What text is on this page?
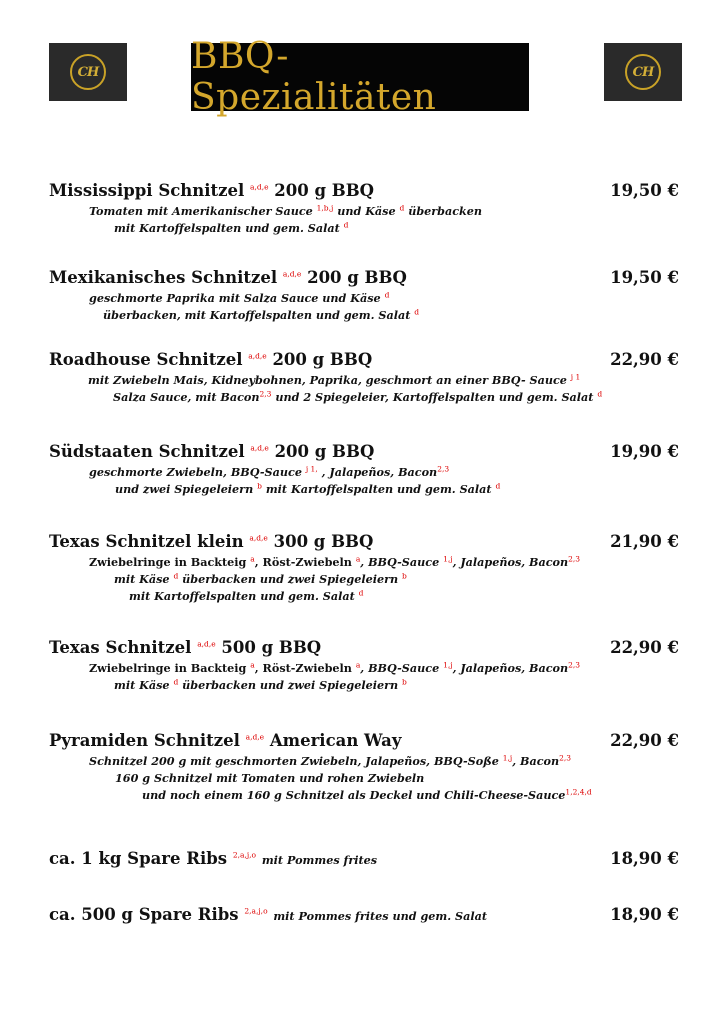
CH	BBQ-Spezialitäten
CH
Mississippi Schnitzel $^{a,d,e}$ 200 g BBQ	19,50 €
Tomaten mit Amerikanischer Sauce $^{1,b,j}$ und Käse $^d$ überbacken
mit Kartoffelspalten und gem. Salat $^d$
Mexikanisches Schnitzel $^{a,d,e}$ 200 g BBQ	19,50 €
geschmorte Paprika mit Salza Sauce und Käse $^d$
überbacken, mit Kartoffelspalten und gem. Salat $^d$
Roadhouse Schnitzel $^{a,d,e}$ 200 g BBQ	22,90 €
mit Zwiebeln Mais, Kidneybohnen, Paprika, geschmort an einer BBQ- Sauce $^{j 1}$
Salza Sauce, mit Bacon$^{2,3}$ und 2 Spiegeleier, Kartoffelspalten und gem. Salat $^d$
Südstaaten Schnitzel $^{a,d,e}$ 200 g BBQ	19,90 €
geschmorte Zwiebeln, BBQ-Sauce $^{j 1,}$ , Jalapeños, Bacon$^{2,3}$
und zwei Spiegeleiern $^b$ mit Kartoffelspalten und gem. Salat $^d$
Texas Schnitzel klein $^{a,d,e}$ 300 g BBQ	21,90 €
Zwiebelringe in Backteig $^a$, Röst-Zwiebeln $^a$, BBQ-Sauce $^{1,j}$, Jalapeños, Bacon$^{2,3}$
mit Käse $^d$ überbacken und zwei Spiegeleiern $^b$
mit Kartoffelspalten und gem. Salat $^d$
Texas Schnitzel $^{a,d,e}$ 500 g BBQ	22,90 €
Zwiebelringe in Backteig $^a$, Röst-Zwiebeln $^a$, BBQ-Sauce $^{1,j}$, Jalapeños, Bacon$^{2,3}$
mit Käse $^d$ überbacken und zwei Spiegeleiern $^b$
Pyramiden Schnitzel $^{a,d,e}$ American Way	22,90 €
Schnitzel 200 g mit geschmorten Zwiebeln, Jalapeños, BBQ-Soße $^{1,j}$, Bacon$^{2,3}$
160 g Schnitzel mit Tomaten und rohen Zwiebeln
und noch einem 160 g Schnitzel als Deckel und Chili-Cheese-Sauce$^{1,2,4,d}$
ca. 1 kg Spare Ribs $^{2,a,j,o}$ mit Pommes frites	18,90 €
ca. 500 g Spare Ribs $^{2,a,j,o}$ mit Pommes frites und gem. Salat	18,90 €
